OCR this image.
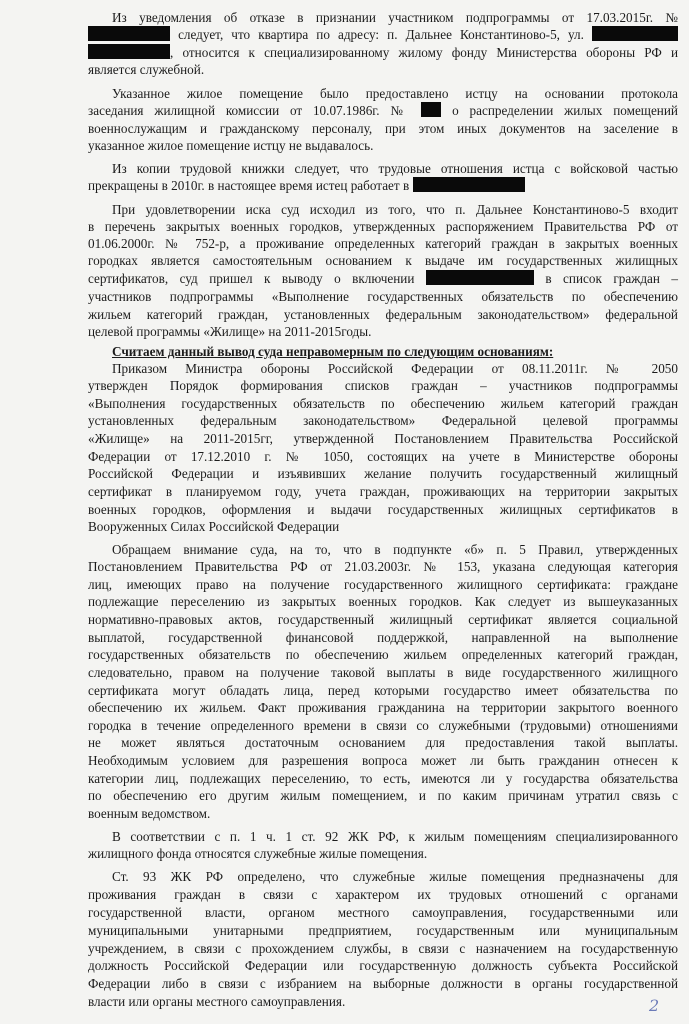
Из уведомления об отказе в признании участником подпрограммы от 17.03.2015г. №
следует, что квартира по адресу: п. Дальнее Константиново-5, ул.
, относится к специализированному жилому фонду Министерства обороны РФ и
является служебной.
Указанное жилое помещение было предоставлено истцу на основании протокола
заседания жилищной комиссии от 10.07.1986г. №  о распределении жилых помещений
военнослужащим и гражданскому персоналу, при этом иных документов на заселение в
указанное жилое помещение истцу не выдавалось.
Из копии трудовой книжки следует, что трудовые отношения истца с войсковой частью
прекращены в 2010г. в настоящее время истец работает в
При удовлетворении иска суд исходил из того, что п. Дальнее Константиново-5 входит
в перечень закрытых военных городков, утвержденных распоряжением Правительства РФ от
01.06.2000г. № 752-р, а проживание определенных категорий граждан в закрытых военных
городках является самостоятельным основанием к выдаче им государственных жилищных
сертификатов, суд пришел к выводу о включении	в список граждан –
участников подпрограммы «Выполнение государственных обязательств по обеспечению
жильем категорий граждан, установленных федеральным законодательством» федеральной
целевой программы «Жилище» на 2011-2015годы.
Считаем данный вывод суда неправомерным по следующим основаниям:
Приказом Министра обороны Российской Федерации от 08.11.2011г. № 2050
утвержден Порядок формирования списков граждан – участников подпрограммы
«Выполнения государственных обязательств по обеспечению жильем категорий граждан
установленных федеральным законодательством» Федеральной целевой программы
«Жилище» на 2011-2015гг, утвержденной Постановлением Правительства Российской
Федерации от 17.12.2010 г. № 1050, состоящих на учете в Министерстве обороны
Российской Федерации и изъявивших желание получить государственный жилищный
сертификат в планируемом году, учета граждан, проживающих на территории закрытых
военных городков, оформления и выдачи государственных жилищных сертификатов в
Вооруженных Силах Российской Федерации
Обращаем внимание суда, на то, что в подпункте «б» п. 5 Правил, утвержденных
Постановлением Правительства РФ от 21.03.2003г. № 153, указана следующая категория
лиц, имеющих право на получение государственного жилищного сертификата: граждане
подлежащие переселению из закрытых военных городков. Как следует из вышеуказанных
нормативно-правовых актов, государственный жилищный сертификат является социальной
выплатой, государственной финансовой поддержкой, направленной на выполнение
государственных обязательств по обеспечению жильем определенных категорий граждан,
следовательно, правом на получение таковой выплаты в виде государственного жилищного
сертификата могут обладать лица, перед которыми государство имеет обязательства по
обеспечению их жильем. Факт проживания гражданина на территории закрытого военного
городка в течение определенного времени в связи со служебными (трудовыми) отношениями
не может являться достаточным основанием для предоставления такой выплаты.
Необходимым условием для разрешения вопроса может ли быть гражданин отнесен к
категории лиц, подлежащих переселению, то есть, имеются ли у государства обязательства
по обеспечению его другим жилым помещением, и по каким причинам утратил связь с
военным ведомством.
В соответствии с п. 1 ч. 1 ст. 92 ЖК РФ, к жилым помещениям специализированного
жилищного фонда относятся служебные жилые помещения.
Ст. 93 ЖК РФ определено, что служебные жилые помещения предназначены для
проживания граждан в связи с характером их трудовых отношений с органами
государственной власти, органом местного самоуправления, государственными или
муниципальными унитарными предприятием, государственным или муниципальным
учреждением, в связи с прохождением службы, в связи с назначением на государственную
должность Российской Федерации или государственную должность субъекта Российской
Федерации либо в связи с избранием на выборные должности в органы государственной
власти или органы местного самоуправления.	2
